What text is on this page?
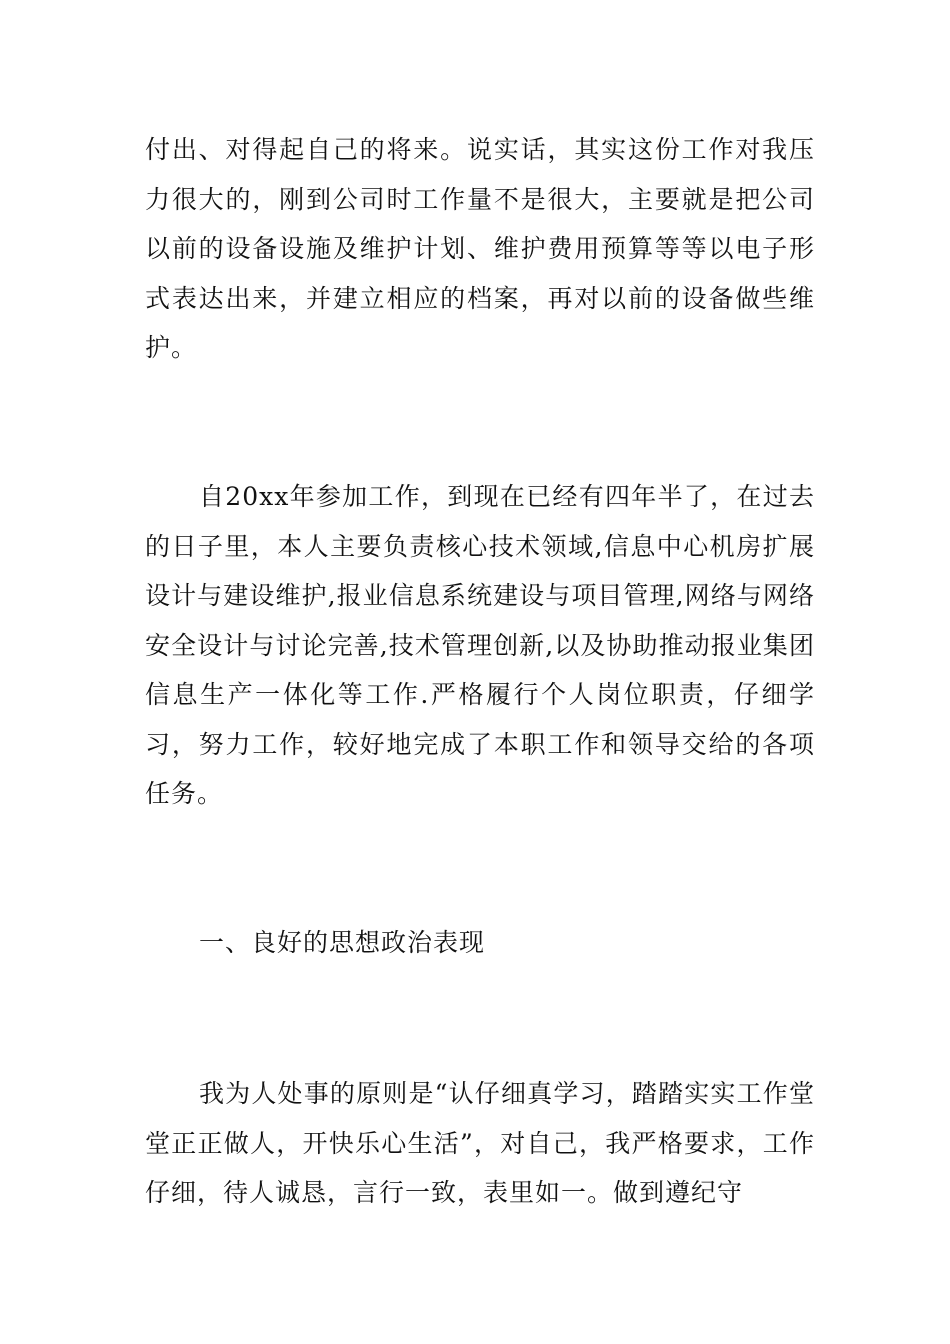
付出、对得起自己的将来。说实话，其实这份工作对我压力很大的，刚到公司时工作量不是很大，主要就是把公司以前的设备设施及维护计划、维护费用预算等等以电子形式表达出来，并建立相应的档案，再对以前的设备做些维护。

自20xx年参加工作，到现在已经有四年半了，在过去的日子里，本人主要负责核心技术领域,信息中心机房扩展设计与建设维护,报业信息系统建设与项目管理,网络与网络安全设计与讨论完善,技术管理创新,以及协助推动报业集团信息生产一体化等工作.严格履行个人岗位职责，仔细学习，努力工作，较好地完成了本职工作和领导交给的各项任务。

一、良好的思想政治表现

我为人处事的原则是“认仔细真学习，踏踏实实工作堂堂正正做人，开快乐心生活”，对自己，我严格要求，工作仔细，待人诚恳，言行一致，表里如一。做到遵纪守
